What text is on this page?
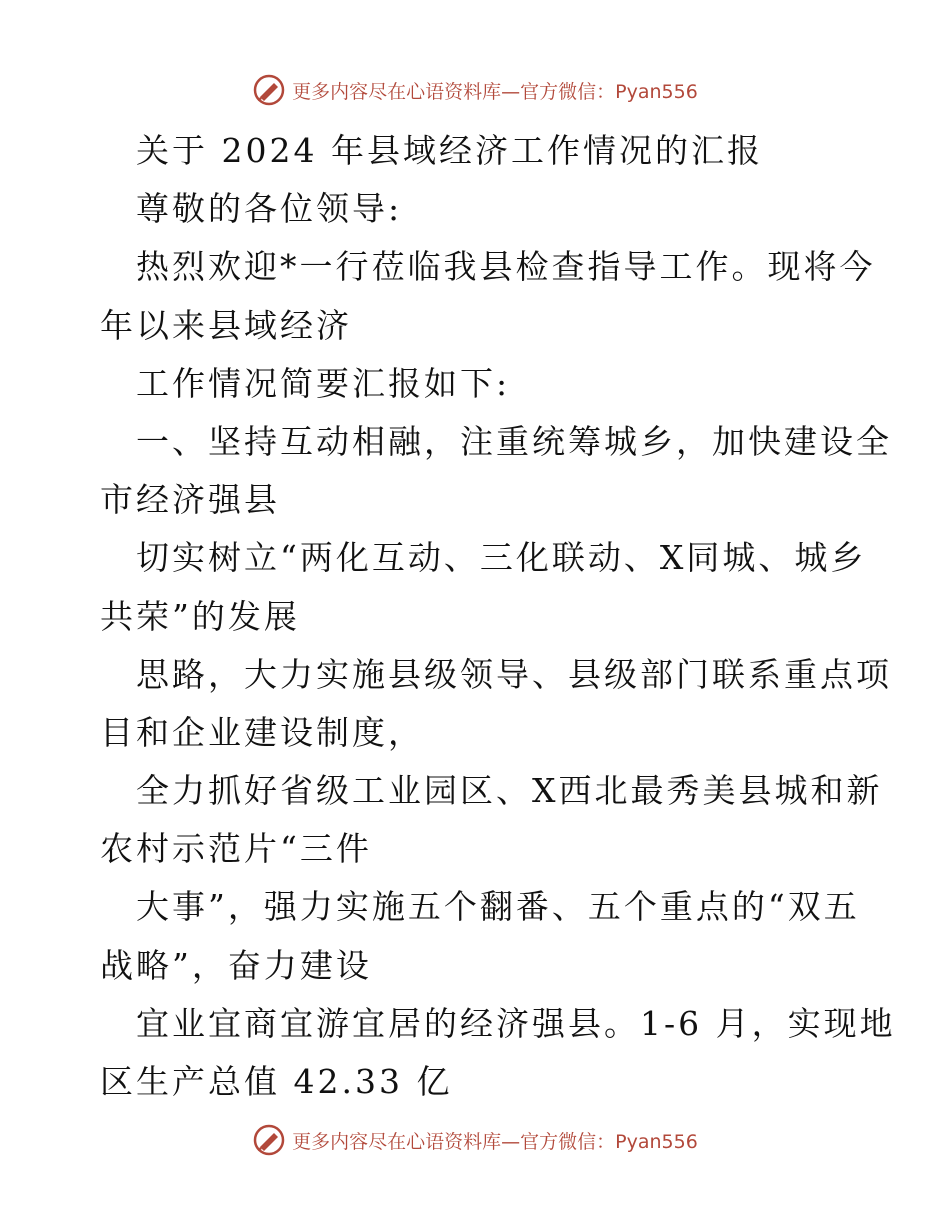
更多内容尽在心语资料库—官方微信：Pyan556
关于 2024 年县域经济工作情况的汇报
尊敬的各位领导:
热烈欢迎*一行莅临我县检查指导工作。现将今
年以来县域经济
工作情况简要汇报如下:
一、坚持互动相融，注重统筹城乡，加快建设全
市经济强县
切实树立“两化互动、三化联动、X同城、城乡
共荣”的发展
思路，大力实施县级领导、县级部门联系重点项
目和企业建设制度，
全力抓好省级工业园区、X西北最秀美县城和新
农村示范片“三件
大事”，强力实施五个翻番、五个重点的“双五
战略”，奋力建设
宜业宜商宜游宜居的经济强县。1-6 月，实现地
区生产总值 42.33 亿
更多内容尽在心语资料库—官方微信：Pyan556
